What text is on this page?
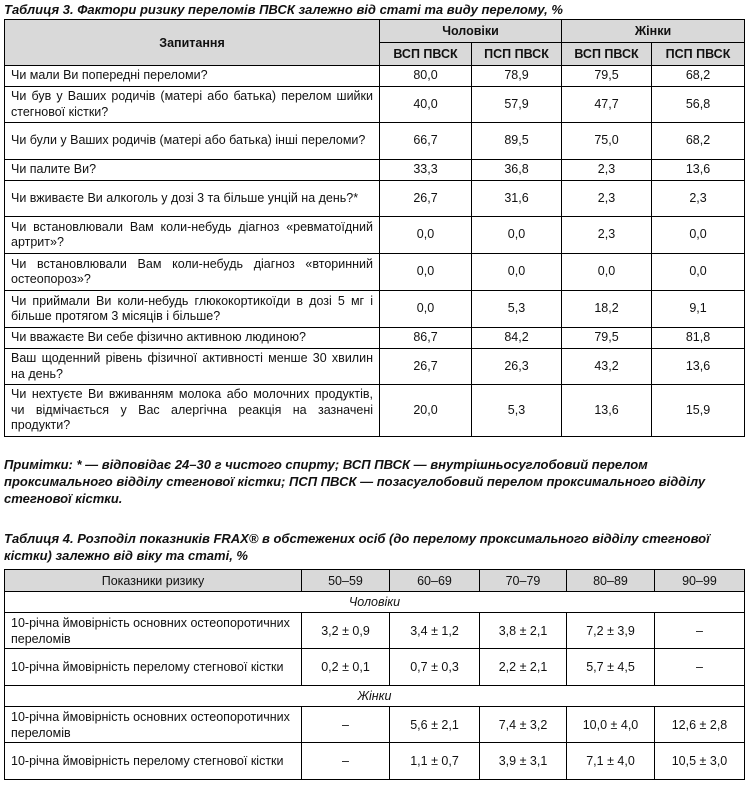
Таблиця 3. Фактори ризику переломів ПВСК залежно від статі та виду перелому, %

Запитання	Чоловіки		Жінки	
	ВСП ПВСК	ПСП ПВСК	ВСП ПВСК	ПСП ПВСК
Чи мали Ви попередні переломи?	80,0	78,9	79,5	68,2
Чи був у Ваших родичів (матері або батька) перелом шийки стегнової кістки?	40,0	57,9	47,7	56,8
Чи були у Ваших родичів (матері або батька) інші переломи?	66,7	89,5	75,0	68,2
Чи палите Ви?	33,3	36,8	2,3	13,6
Чи вживаєте Ви алкоголь у дозі 3 та більше унцій на день?*	26,7	31,6	2,3	2,3
Чи встановлювали Вам коли-небудь діагноз «ревматоїдний артрит»?	0,0	0,0	2,3	0,0
Чи встановлювали Вам коли-небудь діагноз «вторинний остеопороз»?	0,0	0,0	0,0	0,0
Чи приймали Ви коли-небудь глюкокортикоїди в дозі 5 мг і більше протягом 3 місяців і більше?	0,0	5,3	18,2	9,1
Чи вважаєте Ви себе фізично активною людиною?	86,7	84,2	79,5	81,8
Ваш щоденний рівень фізичної активності менше 30 хвилин на день?	26,7	26,3	43,2	13,6
Чи нехтуєте Ви вживанням молока або молочних продуктів, чи відмічається у Вас алергічна реакція на зазначені продукти?	20,0	5,3	13,6	15,9

Примітки: * — відповідає 24–30 г чистого спирту; ВСП ПВСК — внутрішньосуглобовий перелом проксимального відділу стегнової кістки; ПСП ПВСК — позасуглобовий перелом проксимального відділу стегнової кістки.

Таблиця 4. Розподіл показників FRAX® в обстежених осіб (до перелому проксимального відділу стегнової кістки) залежно від віку та статі, %

Показники ризику	50–59	60–69	70–79	80–89	90–99
Чоловіки					
10-річна ймовірність основних остеопоротичних переломів	3,2 ± 0,9	3,4 ± 1,2	3,8 ± 2,1	7,2 ± 3,9	–
10-річна ймовірність перелому стегнової кістки	0,2 ± 0,1	0,7 ± 0,3	2,2 ± 2,1	5,7 ± 4,5	–
Жінки					
10-річна ймовірність основних остеопоротичних переломів	–	5,6 ± 2,1	7,4 ± 3,2	10,0 ± 4,0	12,6 ± 2,8
10-річна ймовірність перелому стегнової кістки	–	1,1 ± 0,7	3,9 ± 3,1	7,1 ± 4,0	10,5 ± 3,0
